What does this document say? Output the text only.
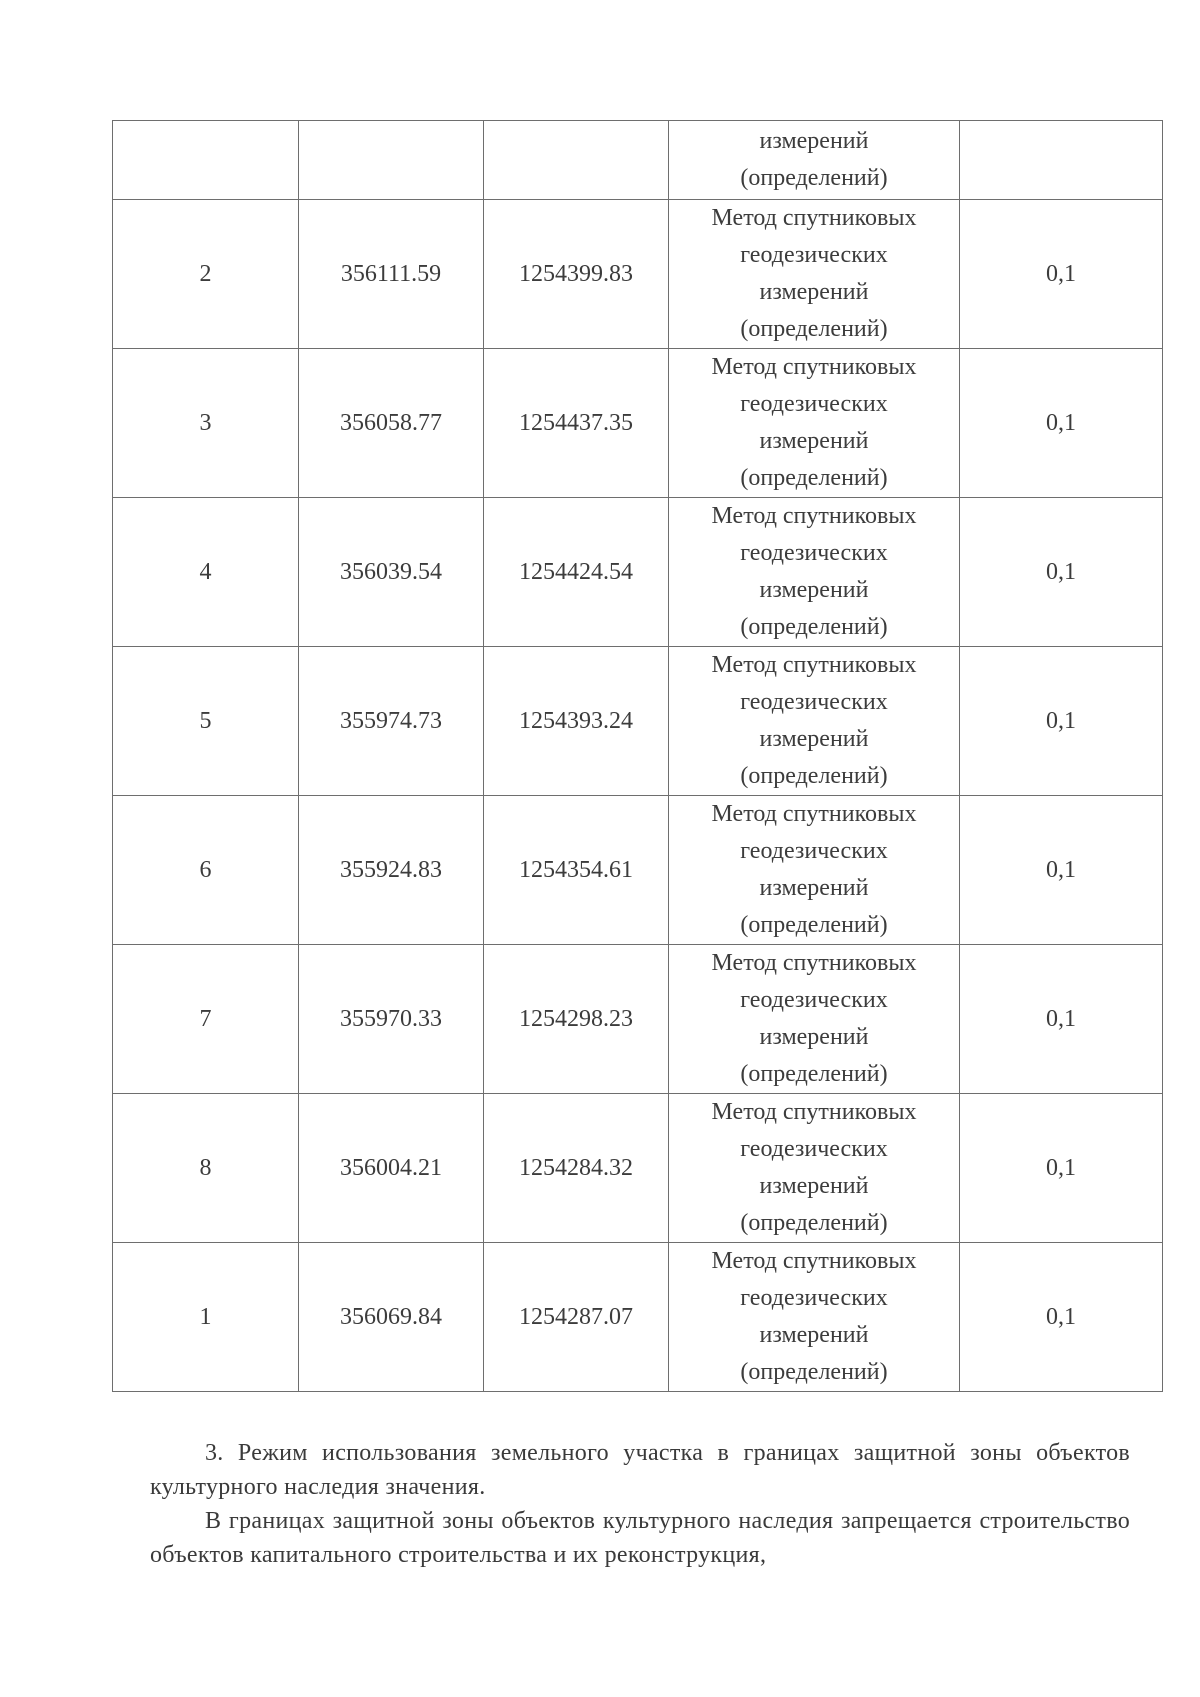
			измерений
(определений)	

2	356111.59	1254399.83	Метод спутниковых
геодезических
измерений
(определений)	0,1
3	356058.77	1254437.35	Метод спутниковых
геодезических
измерений
(определений)	0,1
4	356039.54	1254424.54	Метод спутниковых
геодезических
измерений
(определений)	0,1
5	355974.73	1254393.24	Метод спутниковых
геодезических
измерений
(определений)	0,1
6	355924.83	1254354.61	Метод спутниковых
геодезических
измерений
(определений)	0,1
7	355970.33	1254298.23	Метод спутниковых
геодезических
измерений
(определений)	0,1
8	356004.21	1254284.32	Метод спутниковых
геодезических
измерений
(определений)	0,1
1	356069.84	1254287.07	Метод спутниковых
геодезических
измерений
(определений)	0,1

3. Режим использования земельного участка в границах защитной зоны объектов культурного наследия значения.

В границах защитной зоны объектов культурного наследия запрещается строительство объектов капитального строительства и их реконструкция,
